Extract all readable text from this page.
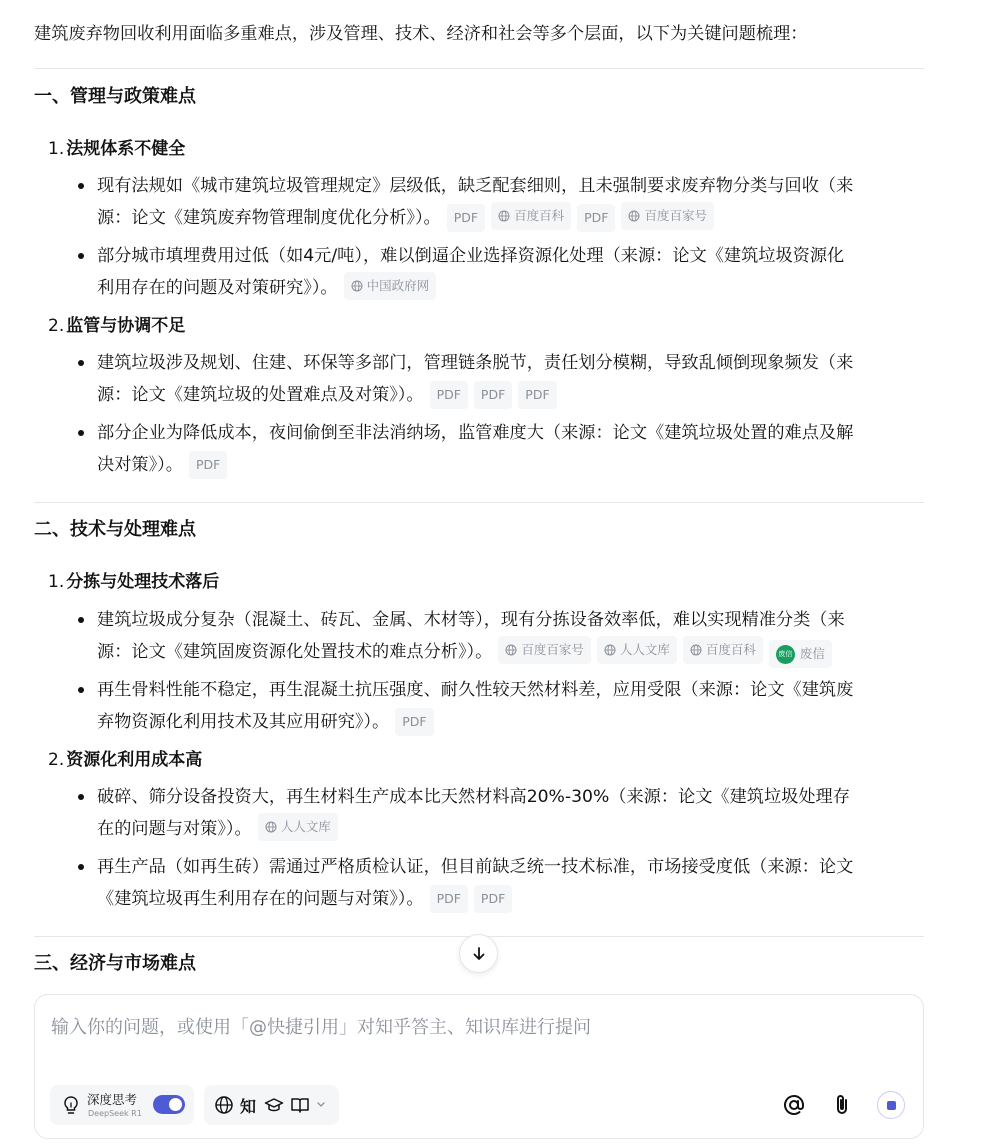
建筑废弃物回收利用面临多重难点，涉及管理、技术、经济和社会等多个层面，以下为关键问题梳理：
一、管理与政策难点
1. 法规体系不健全
现有法规如《城市建筑垃圾管理规定》层级低，缺乏配套细则，且未强制要求废弃物分类与回收（来
源：论文《建筑废弃物管理制度优化分析》）。 PDF	百度百科 PDF	百度百家号
部分城市填埋费用过低（如4元/吨），难以倒逼企业选择资源化处理（来源：论文《建筑垃圾资源化
利用存在的问题及对策研究》）。 中国政府网
2. 监管与协调不足
建筑垃圾涉及规划、住建、环保等多部门，管理链条脱节，责任划分模糊，导致乱倾倒现象频发（来
源：论文《建筑垃圾的处置难点及对策》）。 PDF PDF PDF
部分企业为降低成本，夜间偷倒至非法消纳场，监管难度大（来源：论文《建筑垃圾处置的难点及解
决对策》）。 PDF
二、技术与处理难点
1. 分拣与处理技术落后
建筑垃圾成分复杂（混凝土、砖瓦、金属、木材等），现有分拣设备效率低，难以实现精准分类（来
源：论文《建筑固废资源化处置技术的难点分析》）。 百度百家号	人人文库	百度百科	废信 废信
再生骨料性能不稳定，再生混凝土抗压强度、耐久性较天然材料差，应用受限（来源：论文《建筑废
弃物资源化利用技术及其应用研究》）。 PDF
2. 资源化利用成本高
破碎、筛分设备投资大，再生材料生产成本比天然材料高20%-30%（来源：论文《建筑垃圾处理存
在的问题与对策》）。 人人文库
再生产品（如再生砖）需通过严格质检认证，但目前缺乏统一技术标准，市场接受度低（来源：论文
《建筑垃圾再生利用存在的问题与对策》）。 PDF PDF
三、经济与市场难点
输入你的问题，或使用「@快捷引用」对知乎答主、知识库进行提问
深度思考
DeepSeek R1	知
